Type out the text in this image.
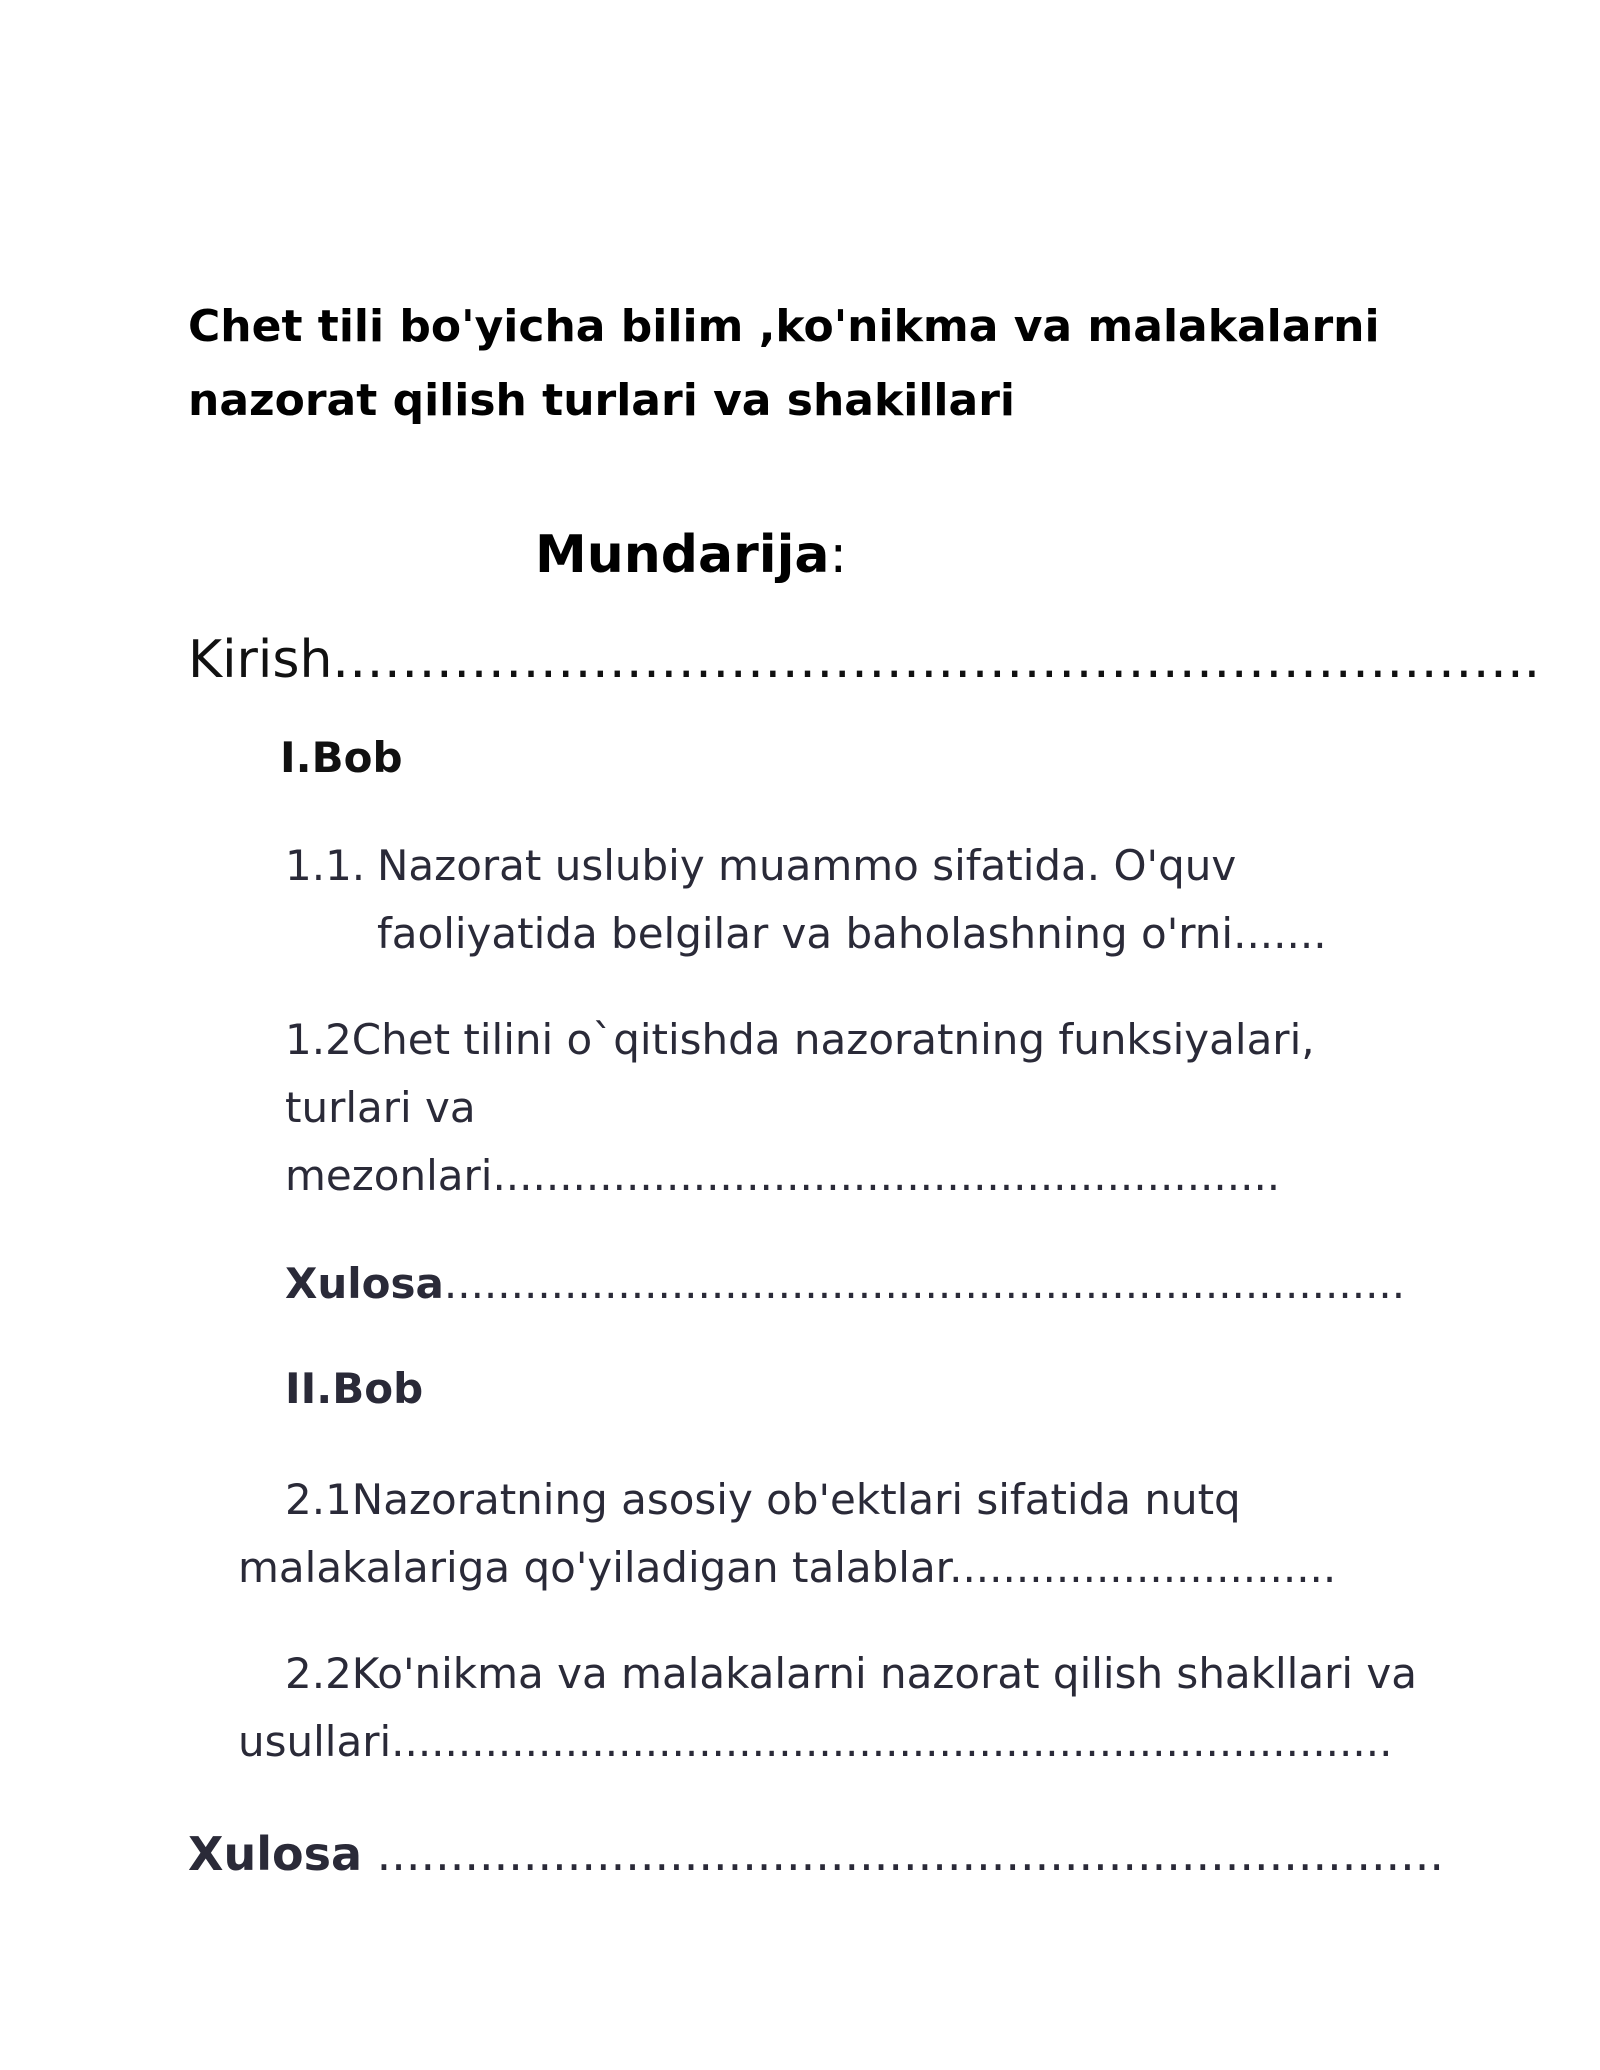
Chet tili bo'yicha bilim ,ko'nikma va malakalarni nazorat qilish turlari va shakillari

Mundarija:

Kirish.…………….……………….………….………….……..

I.Bob

1.1. Nazorat uslubiy muammo sifatida. O'quv
faoliyatida belgilar va baholashning o'rni.......

1.2Chet tilini o`qitishda nazoratning funksiyalari, turlari va mezonlari...........................................................

Xulosa........................................................................

II.Bob

2.1Nazoratning asosiy ob'ektlari sifatida nutq malakalariga qo'yiladigan talablar.............................

2.2Ko'nikma va malakalarni nazorat qilish shakllari va usullari...........................................................................

Xulosa .........................................................................
